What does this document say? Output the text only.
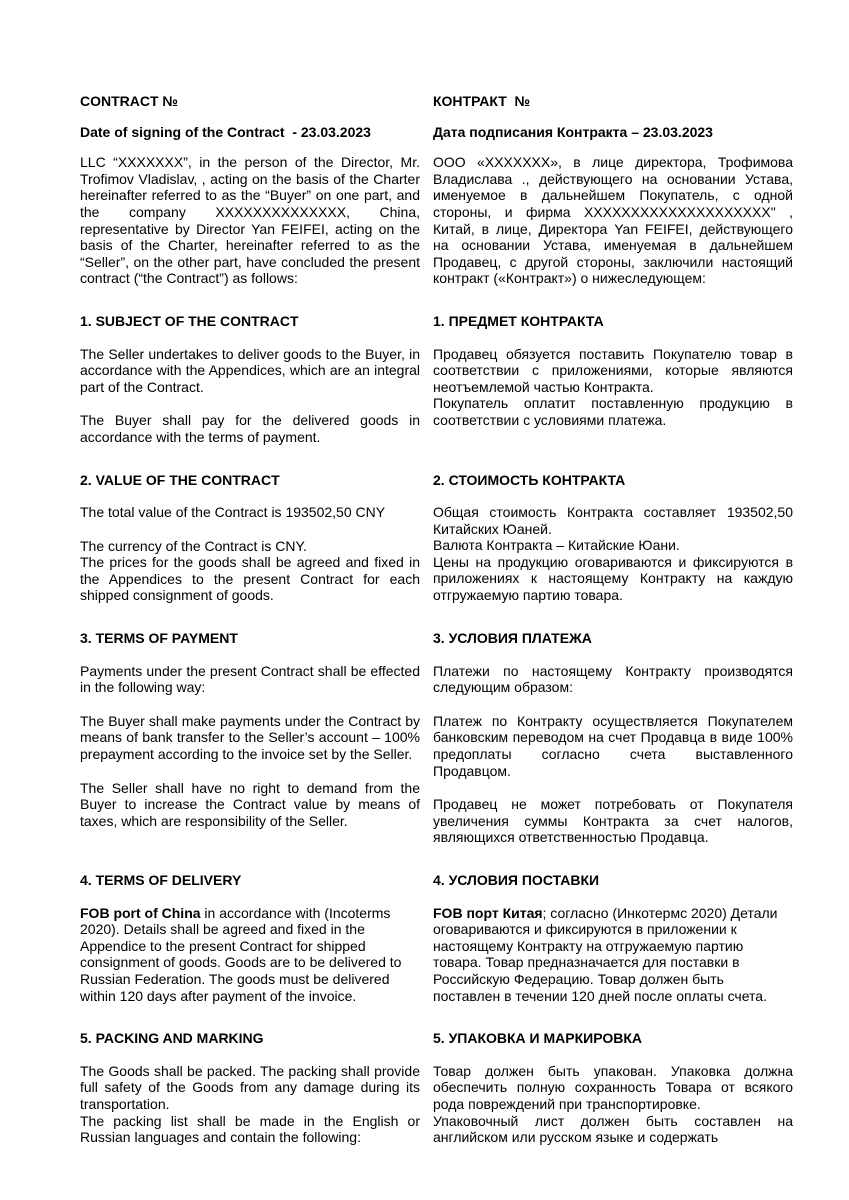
CONTRACT №	КОНТРАКТ  №
Date of signing of the Contract  - 23.03.2023	Дата подписания Контракта – 23.03.2023
LLC “XXXXXXX”, in the person of the Director, Mr. Trofimov Vladislav, , acting on the basis of the Charter hereinafter referred to as the “Buyer” on one part, and the company XXXXXXXXXXXXXX, China, representative by Director Yan FEIFEI, acting on the basis of the Charter, hereinafter referred to as the “Seller”, on the other part, have concluded the present contract (“the Contract”) as follows:
ООО «XXXXXXX», в лице директора, Трофимова Владислава ., действующего на основании Устава, именуемое в дальнейшем Покупатель, с одной стороны, и фирма XXXXXXXXXXXXXXXXXXXX" , Китай, в лице, Директора Yan FEIFEI, действующего на основании Устава, именуемая в дальнейшем Продавец, с другой стороны, заключили настоящий контракт («Контракт») о нижеследующем:
1. SUBJECT OF THE CONTRACT	1. ПРЕДМЕТ КОНТРАКТА
The Seller undertakes to deliver goods to the Buyer, in accordance with the Appendices, which are an integral part of the Contract.
The Buyer shall pay for the delivered goods in accordance with the terms of payment.
Продавец обязуется поставить Покупателю товар в соответствии с приложениями, которые являются неотъемлемой частью Контракта.
Покупатель оплатит поставленную продукцию в соответствии с условиями платежа.
2. VALUE OF THE CONTRACT	2. СТОИМОСТЬ КОНТРАКТА
The total value of the Contract is 193502,50 CNY
The currency of the Contract is CNY.
The prices for the goods shall be agreed and fixed in the Appendices to the present Contract for each shipped consignment of goods.
Общая стоимость Контракта составляет 193502,50 Китайских Юаней.
Валюта Контракта – Китайские Юани.
Цены на продукцию оговариваются и фиксируются в приложениях к настоящему Контракту на каждую отгружаемую партию товара.
3. TERMS OF PAYMENT	3. УСЛОВИЯ ПЛАТЕЖА
Payments under the present Contract shall be effected in the following way:
The Buyer shall make payments under the Contract by means of bank transfer to the Seller’s account – 100% prepayment according to the invoice set by the Seller.
The Seller shall have no right to demand from the Buyer to increase the Contract value by means of taxes, which are responsibility of the Seller.
Платежи по настоящему Контракту производятся следующим образом:
Платеж по Контракту осуществляется Покупателем банковским переводом на счет Продавца в виде 100% предоплаты согласно счета выставленного Продавцом.
Продавец не может потребовать от Покупателя увеличения суммы Контракта за счет налогов, являющихся ответственностью Продавца.
4. TERMS OF DELIVERY	4. УСЛОВИЯ ПОСТАВКИ
FOB port of China in accordance with (Incoterms 2020). Details shall be agreed and fixed in the Appendice to the present Contract for shipped consignment of goods. Goods are to be delivered to Russian Federation. The goods must be delivered within 120 days after payment of the invoice.
FOB порт Китая; согласно (Инкотермс 2020) Детали оговариваются и фиксируются в приложении к настоящему Контракту на отгружаемую партию товара. Товар предназначается для поставки в Российскую Федерацию. Товар должен быть поставлен в течении 120 дней после оплаты счета.
5. PACKING AND MARKING	5. УПАКОВКА И МАРКИРОВКА
The Goods shall be packed. The packing shall provide full safety of the Goods from any damage during its transportation.
The packing list shall be made in the English or Russian languages and contain the following:
Товар должен быть упакован. Упаковка должна обеспечить полную сохранность Товара от всякого рода повреждений при транспортировке.
Упаковочный лист должен быть составлен на английском или русском языке и содержать
